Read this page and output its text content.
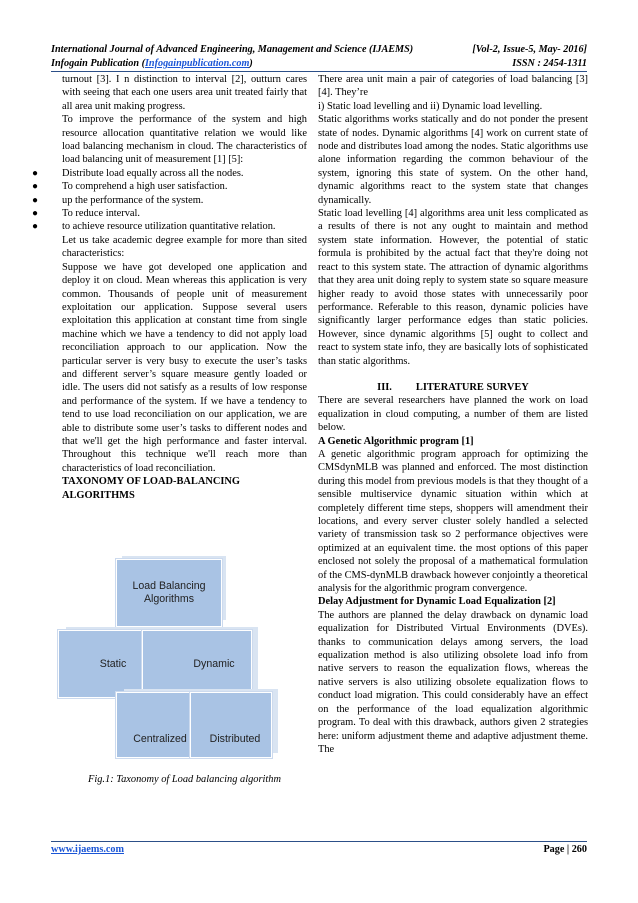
International Journal of Advanced Engineering, Management and Science (IJAEMS)	[Vol-2, Issue-5, May- 2016]
Infogain Publication (Infogainpublication.com)	ISSN : 2454-1311

turnout [3]. I n distinction to interval [2], outturn cares with seeing that each one users area unit treated fairly that all area unit making progress.

To improve the performance of the system and high resource allocation quantitative relation we would like load balancing mechanism in cloud. The characteristics of load balancing unit of measurement [1] [5]:

● Distribute load equally across all the nodes.
● To comprehend a high user satisfaction.
● up the performance of the system.
● To reduce interval.
● to achieve resource utilization quantitative relation.

Let us take academic degree example for more than sited characteristics:

Suppose we have got developed one application and deploy it on cloud. Mean whereas this application is very common. Thousands of people unit of measurement exploitation our application. Suppose several users exploitation this application at constant time from single machine which we have a tendency to did not apply load reconciliation approach to our application. Now the particular server is very busy to execute the user’s tasks and different server’s square measure gently loaded or idle. The users did not satisfy as a results of low response and performance of the system. If we have a tendency to tend to use load reconciliation on our application, we are able to distribute some user’s tasks to different nodes and that we'll get the high performance and faster interval. Throughout this technique we'll reach more than characteristics of load reconciliation.

TAXONOMY OF LOAD-BALANCING ALGORITHMS

Load Balancing Algorithms
Static	Dynamic
Centralized Distributed
Fig.1: Taxonomy of Load balancing algorithm

There area unit main a pair of categories of load balancing [3] [4]. They’re

i) Static load levelling and ii) Dynamic load levelling.

Static algorithms works statically and do not ponder the present state of nodes. Dynamic algorithms [4] work on current state of node and distributes load among the nodes. Static algorithms use alone information regarding the common behaviour of the system, ignoring this state of system. On the other hand, dynamic algorithms react to the system state that changes dynamically.

Static load levelling [4] algorithms area unit less complicated as a results of there is not any ought to maintain and method system state information. However, the potential of static formula is prohibited by the actual fact that they're doing not react to this system state. The attraction of dynamic algorithms that they area unit doing reply to system state so square measure higher ready to avoid those states with unnecessarily poor performance. Referable to this reason, dynamic policies have significantly larger performance edges than static policies. However, since dynamic algorithms [5] ought to collect and react to system state info, they are basically lots of sophisticated than static algorithms.

III. LITERATURE SURVEY

There are several researchers have planned the work on load equalization in cloud computing, a number of them are listed below.

A Genetic Algorithmic program [1]

A genetic algorithmic program approach for optimizing the CMSdynMLB was planned and enforced. The most distinction during this model from previous models is that they thought of a sensible multiservice dynamic situation within which at completely different time steps, shoppers will amendment their locations, and every server cluster solely handled a selected variety of transmission task so 2 performance objectives were optimized at an equivalent time. the most options of this paper enclosed not solely the proposal of a mathematical formulation of the CMS-dynMLB drawback however conjointly a theoretical analysis for the algorithmic program convergence.

Delay Adjustment for Dynamic Load Equalization [2]

The authors are planned the delay drawback on dynamic load equalization for Distributed Virtual Environments (DVEs). thanks to communication delays among servers, the load equalization method is also utilizing obsolete load info from native servers to reason the equalization flows, whereas the native servers is also utilizing obsolete equalization flows to conduct load migration. This could considerably have an effect on the performance of the load equalization algorithmic program. To deal with this drawback, authors given 2 strategies here: uniform adjustment theme and adaptive adjustment theme. The

www.ijaems.com	Page | 260
